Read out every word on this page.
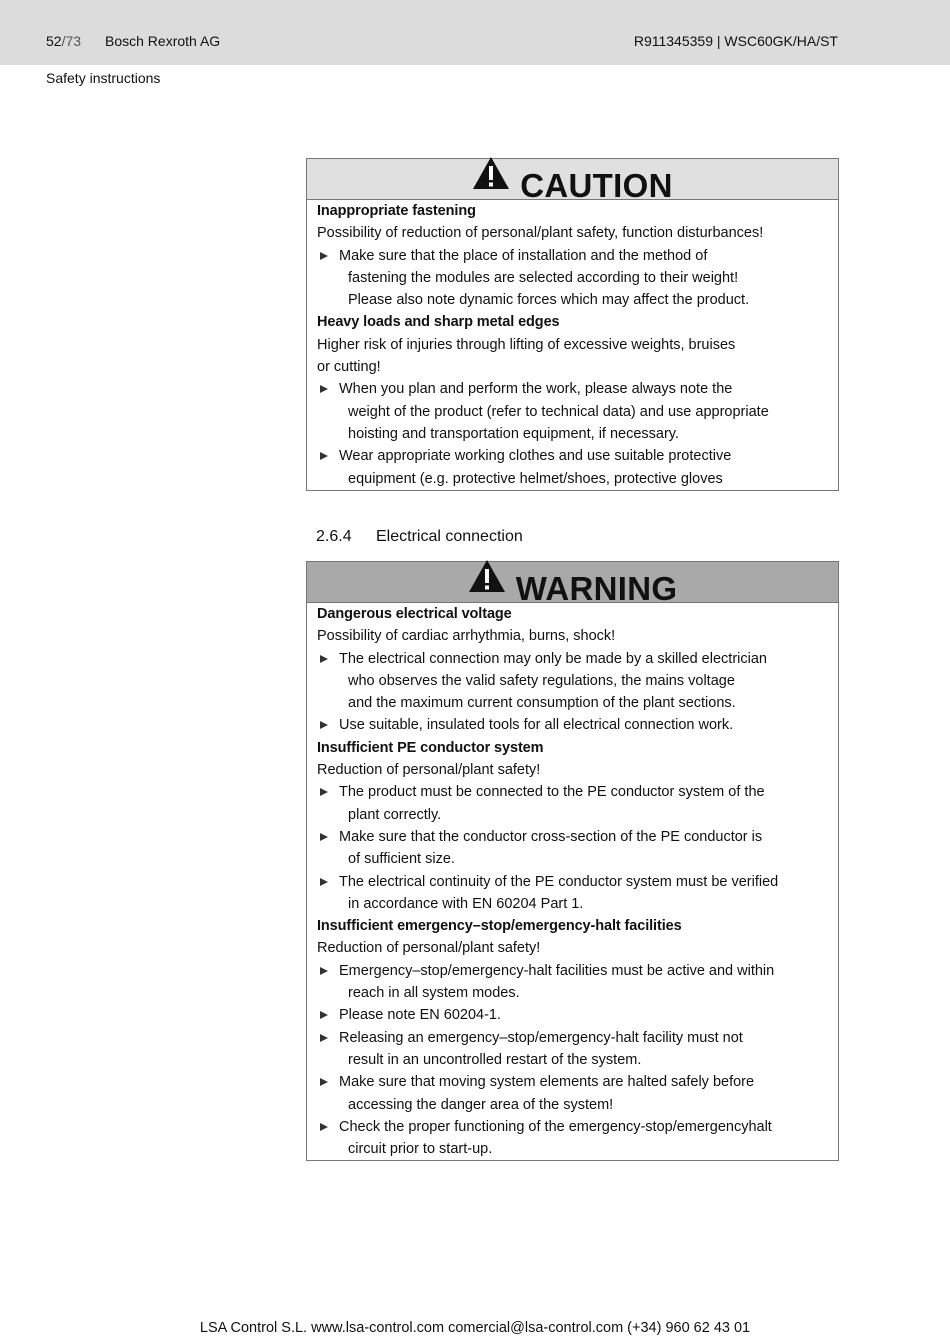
52/73 Bosch Rexroth AG	R911345359 | WSC60GK/HA/ST
Safety instructions
CAUTION
Inappropriate fastening
Possibility of reduction of personal/plant safety, function disturbances!
Make sure that the place of installation and the method of
fastening the modules are selected according to their weight!
Please also note dynamic forces which may affect the product.
Heavy loads and sharp metal edges
Higher risk of injuries through lifting of excessive weights, bruises
or cutting!
When you plan and perform the work, please always note the
weight of the product (refer to technical data) and use appropriate
hoisting and transportation equipment, if necessary.
Wear appropriate working clothes and use suitable protective
equipment (e.g. protective helmet/shoes, protective gloves
2.6.4 Electrical connection
WARNING
Dangerous electrical voltage
Possibility of cardiac arrhythmia, burns, shock!
The electrical connection may only be made by a skilled electrician
who observes the valid safety regulations, the mains voltage
and the maximum current consumption of the plant sections.
Use suitable, insulated tools for all electrical connection work.
Insufficient PE conductor system
Reduction of personal/plant safety!
The product must be connected to the PE conductor system of the
plant correctly.
Make sure that the conductor cross-section of the PE conductor is
of sufficient size.
The electrical continuity of the PE conductor system must be verified
in accordance with EN 60204 Part 1.
Insufficient emergency–stop/emergency-halt facilities
Reduction of personal/plant safety!
Emergency–stop/emergency-halt facilities must be active and within
reach in all system modes.
Please note EN 60204-1.
Releasing an emergency–stop/emergency-halt facility must not
result in an uncontrolled restart of the system.
Make sure that moving system elements are halted safely before
accessing the danger area of the system!
Check the proper functioning of the emergency-stop/emergencyhalt
circuit prior to start-up.
LSA Control S.L. www.lsa-control.com comercial@lsa-control.com (+34) 960 62 43 01
